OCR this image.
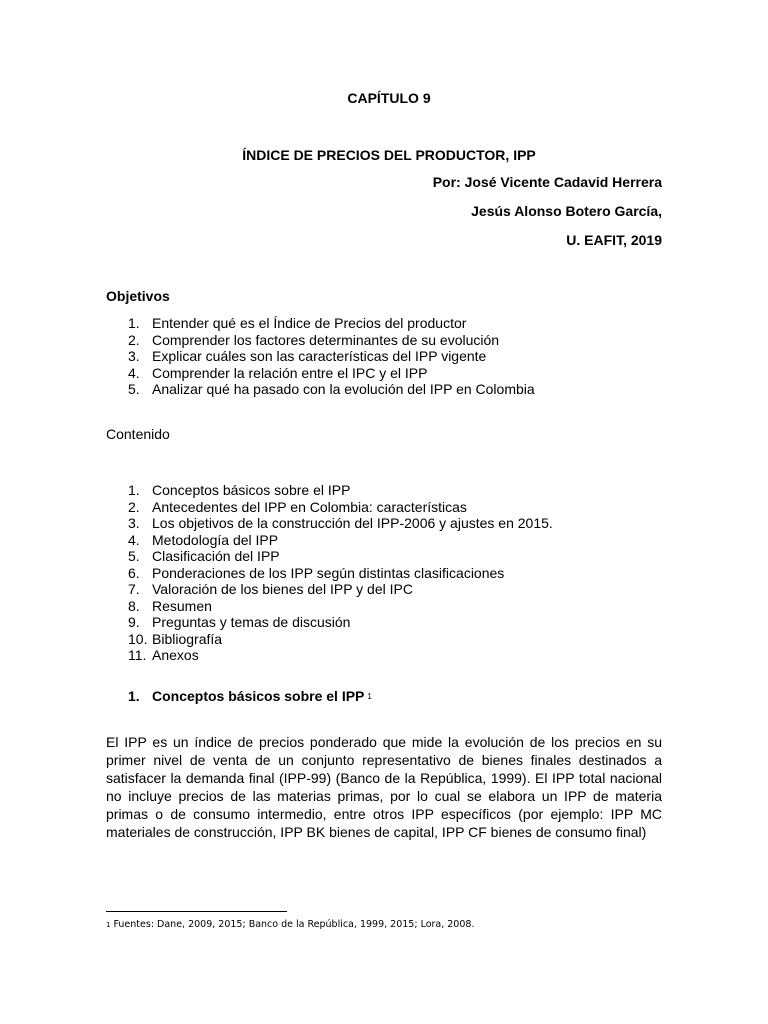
CAPÍTULO 9
ÍNDICE DE PRECIOS DEL PRODUCTOR, IPP
Por: José Vicente Cadavid Herrera
Jesús Alonso Botero García,
U. EAFIT, 2019
Objetivos
1. Entender qué es el Índice de Precios del productor
2. Comprender los factores determinantes de su evolución
3. Explicar cuáles son las características del IPP vigente
4. Comprender la relación entre el IPC y el IPP
5. Analizar qué ha pasado con la evolución del IPP en Colombia
Contenido
1. Conceptos básicos sobre el IPP
2. Antecedentes del IPP en Colombia: características
3. Los objetivos de la construcción del IPP-2006 y ajustes en 2015.
4. Metodología del IPP
5. Clasificación del IPP
6. Ponderaciones de los IPP según distintas clasificaciones
7. Valoración de los bienes del IPP y del IPC
8. Resumen
9. Preguntas y temas de discusión
10. Bibliografía
11. Anexos
1. Conceptos básicos sobre el IPP 1

El IPP es un índice de precios ponderado que mide la evolución de los precios en su primer nivel de venta de un conjunto representativo de bienes finales destinados a satisfacer la demanda final (IPP-99) (Banco de la República, 1999). El IPP total nacional no incluye precios de las materias primas, por lo cual se elabora un IPP de materia primas o de consumo intermedio, entre otros IPP específicos (por ejemplo: IPP MC materiales de construcción, IPP BK bienes de capital, IPP CF bienes de consumo final)

1 Fuentes: Dane, 2009, 2015; Banco de la República, 1999, 2015; Lora, 2008.
